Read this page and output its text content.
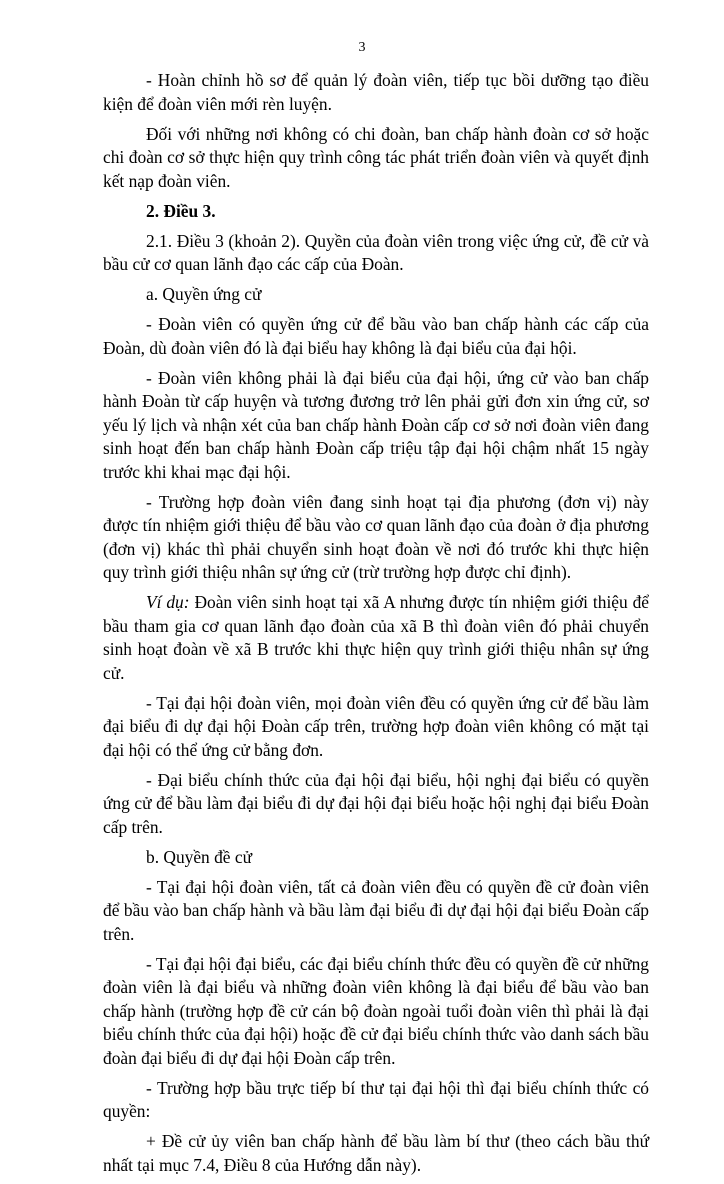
3

- Hoàn chỉnh hồ sơ để quản lý đoàn viên, tiếp tục bồi dưỡng tạo điều kiện để đoàn viên mới rèn luyện.

Đối với những nơi không có chi đoàn, ban chấp hành đoàn cơ sở hoặc chi đoàn cơ sở thực hiện quy trình công tác phát triển đoàn viên và quyết định kết nạp đoàn viên.

2. Điều 3.

2.1. Điều 3 (khoản 2). Quyền của đoàn viên trong việc ứng cử, đề cử và bầu cử cơ quan lãnh đạo các cấp của Đoàn.

a. Quyền ứng cử

- Đoàn viên có quyền ứng cử để bầu vào ban chấp hành các cấp của Đoàn, dù đoàn viên đó là đại biểu hay không là đại biểu của đại hội.

- Đoàn viên không phải là đại biểu của đại hội, ứng cử vào ban chấp hành Đoàn từ cấp huyện và tương đương trở lên phải gửi đơn xin ứng cử, sơ yếu lý lịch và nhận xét của ban chấp hành Đoàn cấp cơ sở nơi đoàn viên đang sinh hoạt đến ban chấp hành Đoàn cấp triệu tập đại hội chậm nhất 15 ngày trước khi khai mạc đại hội.

- Trường hợp đoàn viên đang sinh hoạt tại địa phương (đơn vị) này được tín nhiệm giới thiệu để bầu vào cơ quan lãnh đạo của đoàn ở địa phương (đơn vị) khác thì phải chuyển sinh hoạt đoàn về nơi đó trước khi thực hiện quy trình giới thiệu nhân sự ứng cử (trừ trường hợp được chỉ định).

Ví dụ: Đoàn viên sinh hoạt tại xã A nhưng được tín nhiệm giới thiệu để bầu tham gia cơ quan lãnh đạo đoàn của xã B thì đoàn viên đó phải chuyển sinh hoạt đoàn về xã B trước khi thực hiện quy trình giới thiệu nhân sự ứng cử.

- Tại đại hội đoàn viên, mọi đoàn viên đều có quyền ứng cử để bầu làm đại biểu đi dự đại hội Đoàn cấp trên, trường hợp đoàn viên không có mặt tại đại hội có thể ứng cử bằng đơn.

- Đại biểu chính thức của đại hội đại biểu, hội nghị đại biểu có quyền ứng cử để bầu làm đại biểu đi dự đại hội đại biểu hoặc hội nghị đại biểu Đoàn cấp trên.

b. Quyền đề cử

- Tại đại hội đoàn viên, tất cả đoàn viên đều có quyền đề cử đoàn viên để bầu vào ban chấp hành và bầu làm đại biểu đi dự đại hội đại biểu Đoàn cấp trên.

- Tại đại hội đại biểu, các đại biểu chính thức đều có quyền đề cử những đoàn viên là đại biểu và những đoàn viên không là đại biểu để bầu vào ban chấp hành (trường hợp đề cử cán bộ đoàn ngoài tuổi đoàn viên thì phải là đại biểu chính thức của đại hội) hoặc đề cử đại biểu chính thức vào danh sách bầu đoàn đại biểu đi dự đại hội Đoàn cấp trên.

- Trường hợp bầu trực tiếp bí thư tại đại hội thì đại biểu chính thức có quyền:

+ Đề cử ủy viên ban chấp hành để bầu làm bí thư (theo cách bầu thứ nhất tại mục 7.4, Điều 8 của Hướng dẫn này).
